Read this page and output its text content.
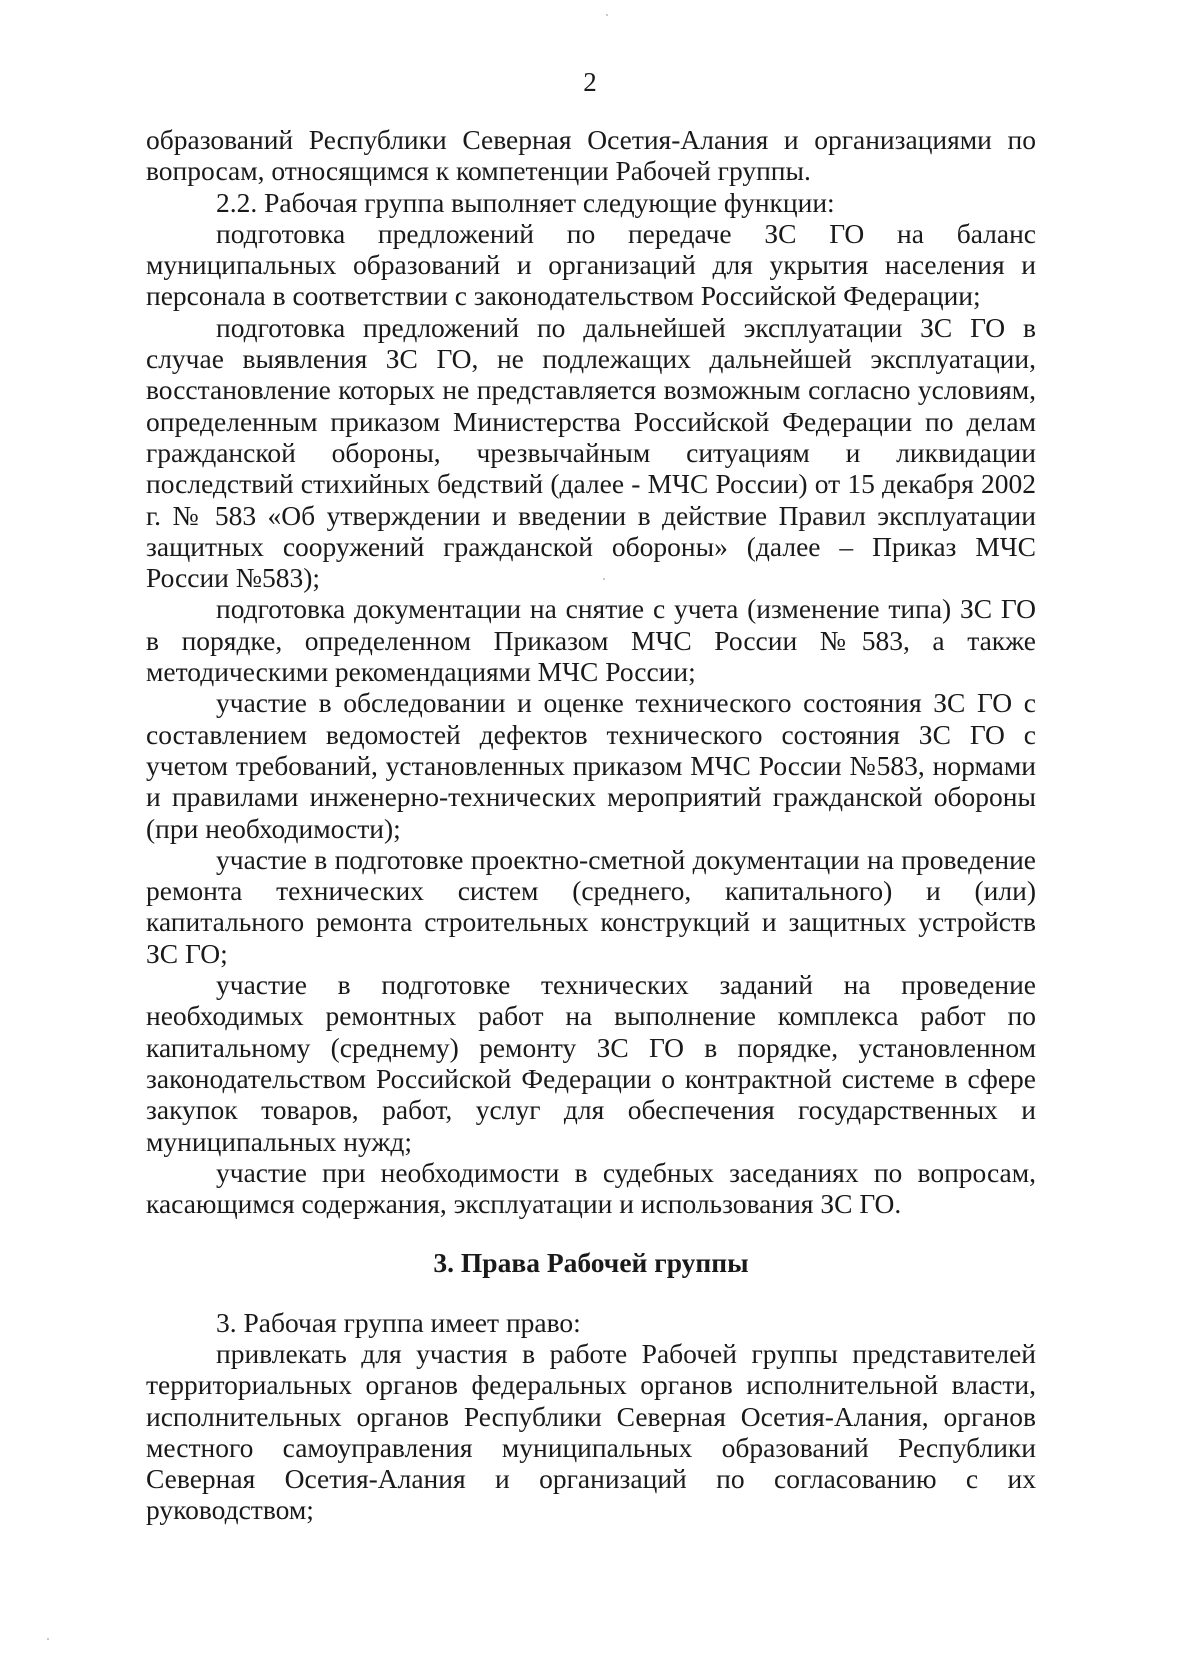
2

образований Республики Северная Осетия-Алания и организациями по вопросам, относящимся к компетенции Рабочей группы.

2.2. Рабочая группа выполняет следующие функции:

подготовка предложений по передаче ЗС ГО на баланс муниципальных образований и организаций для укрытия населения и персонала в соответствии с законодательством Российской Федерации;

подготовка предложений по дальнейшей эксплуатации ЗС ГО в случае выявления ЗС ГО, не подлежащих дальнейшей эксплуатации, восстановление которых не представляется возможным согласно условиям, определенным приказом Министерства Российской Федерации по делам гражданской обороны, чрезвычайным ситуациям и ликвидации последствий стихийных бедствий (далее - МЧС России) от 15 декабря 2002 г. № 583 «Об утверждении и введении в действие Правил эксплуатации защитных сооружений гражданской обороны» (далее – Приказ МЧС России №583);

подготовка документации на снятие с учета (изменение типа) ЗС ГО в порядке, определенном Приказом МЧС России №583, а также методическими рекомендациями МЧС России;

участие в обследовании и оценке технического состояния ЗС ГО с составлением ведомостей дефектов технического состояния ЗС ГО с учетом требований, установленных приказом МЧС России №583, нормами и правилами инженерно-технических мероприятий гражданской обороны (при необходимости);

участие в подготовке проектно-сметной документации на проведение ремонта технических систем (среднего, капитального) и (или) капитального ремонта строительных конструкций и защитных устройств ЗС ГО;

участие в подготовке технических заданий на проведение необходимых ремонтных работ на выполнение комплекса работ по капитальному (среднему) ремонту ЗС ГО в порядке, установленном законодательством Российской Федерации о контрактной системе в сфере закупок товаров, работ, услуг для обеспечения государственных и муниципальных нужд;

участие при необходимости в судебных заседаниях по вопросам, касающимся содержания, эксплуатации и использования ЗС ГО.

3. Права Рабочей группы

3. Рабочая группа имеет право:

привлекать для участия в работе Рабочей группы представителей территориальных органов федеральных органов исполнительной власти, исполнительных органов Республики Северная Осетия-Алания, органов местного самоуправления муниципальных образований Республики Северная Осетия-Алания и организаций по согласованию с их руководством;
